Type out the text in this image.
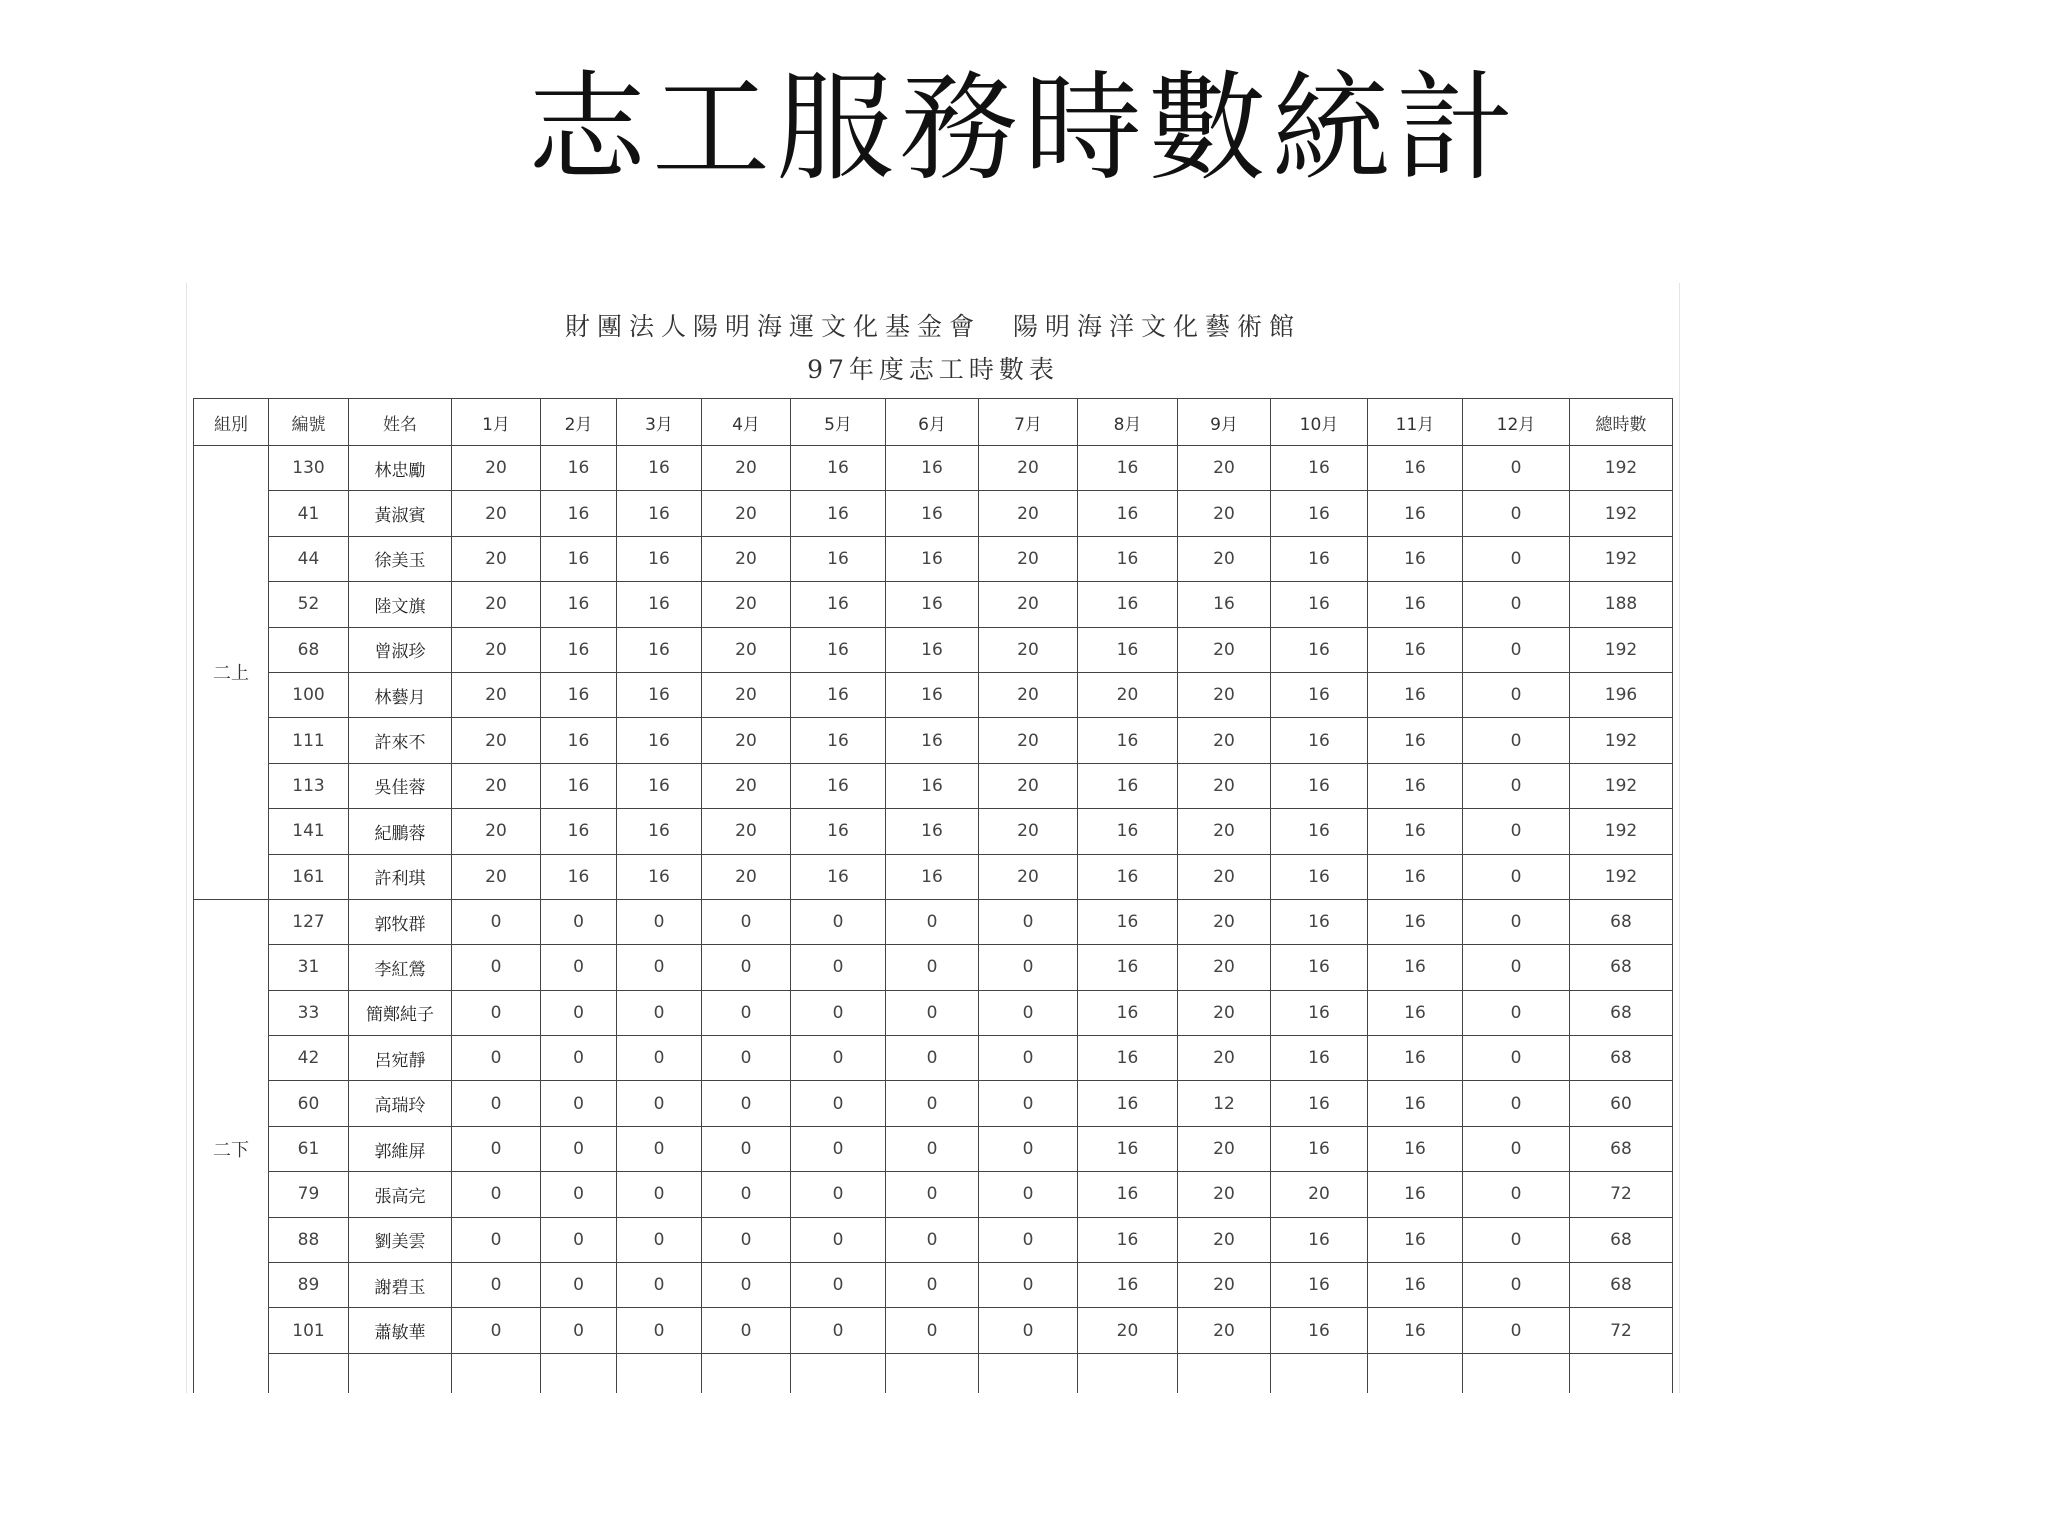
志工服務時數統計
財團法人陽明海運文化基金會　陽明海洋文化藝術館
97年度志工時數表
組別	編號	姓名	1月	2月	3月	4月	5月	6月	7月	8月	9月	10月	11月	12月	總時數
二上	130	林忠勵	20	16	16	20	16	16	20	16	20	16	16	0	192
	41	黃淑賓	20	16	16	20	16	16	20	16	20	16	16	0	192
	44	徐美玉	20	16	16	20	16	16	20	16	20	16	16	0	192
	52	陸文旗	20	16	16	20	16	16	20	16	16	16	16	0	188
	68	曾淑珍	20	16	16	20	16	16	20	16	20	16	16	0	192
	100	林藝月	20	16	16	20	16	16	20	20	20	16	16	0	196
	111	許來不	20	16	16	20	16	16	20	16	20	16	16	0	192
	113	吳佳蓉	20	16	16	20	16	16	20	16	20	16	16	0	192
	141	紀鵬蓉	20	16	16	20	16	16	20	16	20	16	16	0	192
	161	許利琪	20	16	16	20	16	16	20	16	20	16	16	0	192
二下	127	郭牧群	0	0	0	0	0	0	0	16	20	16	16	0	68
	31	李紅鶯	0	0	0	0	0	0	0	16	20	16	16	0	68
	33	簡鄭純子	0	0	0	0	0	0	0	16	20	16	16	0	68
	42	呂宛靜	0	0	0	0	0	0	0	16	20	16	16	0	68
	60	高瑞玲	0	0	0	0	0	0	0	16	12	16	16	0	60
	61	郭維屏	0	0	0	0	0	0	0	16	20	16	16	0	68
	79	張高完	0	0	0	0	0	0	0	16	20	20	16	0	72
	88	劉美雲	0	0	0	0	0	0	0	16	20	16	16	0	68
	89	謝碧玉	0	0	0	0	0	0	0	16	20	16	16	0	68
	101	蕭敏華	0	0	0	0	0	0	0	20	20	16	16	0	72
